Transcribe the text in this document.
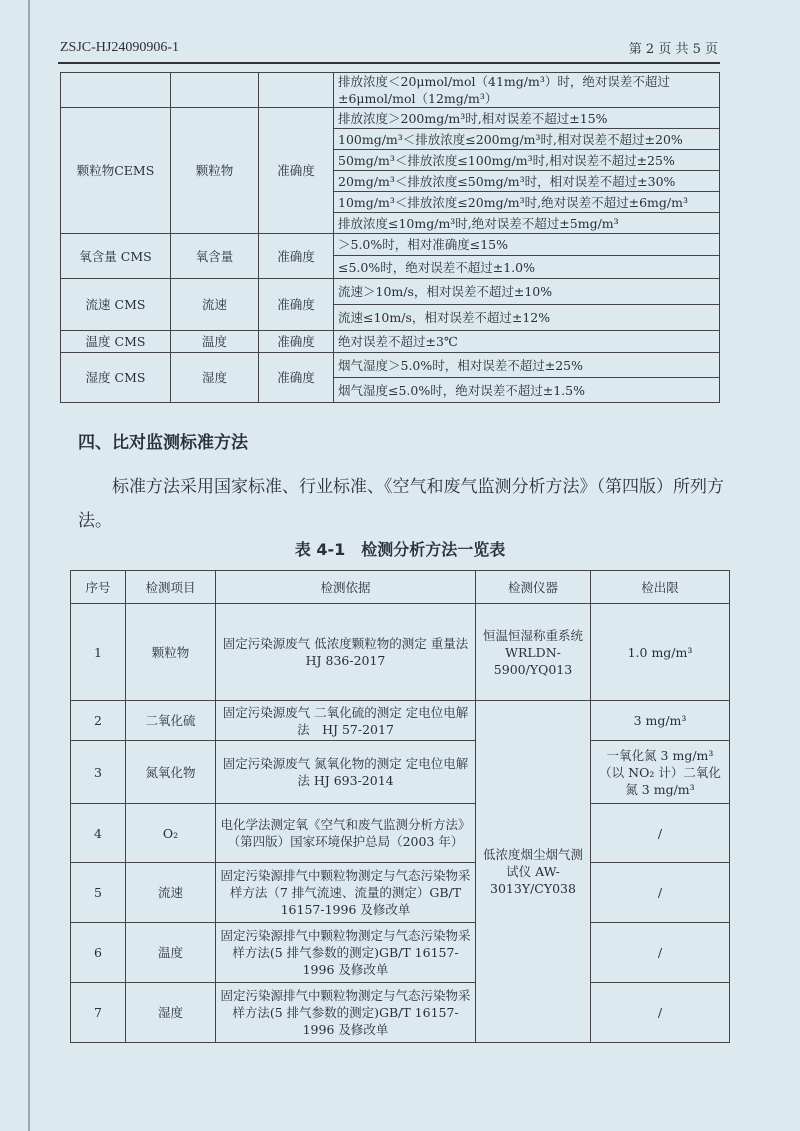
ZSJC-HJ24090906-1	第 2 页 共 5 页
			排放浓度＜20μmol/mol（41mg/m³）时，绝对误差不超过±6μmol/mol（12mg/m³）
颗粒物CEMS	颗粒物	准确度	排放浓度＞200mg/m³时,相对误差不超过±15%
			100mg/m³＜排放浓度≤200mg/m³时,相对误差不超过±20%
			50mg/m³＜排放浓度≤100mg/m³时,相对误差不超过±25%
			20mg/m³＜排放浓度≤50mg/m³时，相对误差不超过±30%
			10mg/m³＜排放浓度≤20mg/m³时,绝对误差不超过±6mg/m³
			排放浓度≤10mg/m³时,绝对误差不超过±5mg/m³
氧含量 CMS	氧含量	准确度	＞5.0%时，相对准确度≤15%
			≤5.0%时，绝对误差不超过±1.0%
流速 CMS	流速	准确度	流速＞10m/s，相对误差不超过±10%
			流速≤10m/s，相对误差不超过±12%
温度 CMS	温度	准确度	绝对误差不超过±3℃
湿度 CMS	湿度	准确度	烟气湿度＞5.0%时，相对误差不超过±25%
			烟气湿度≤5.0%时，绝对误差不超过±1.5%
四、比对监测标准方法
标准方法采用国家标准、行业标准、《空气和废气监测分析方法》（第四版）所列方法。
表 4-1　检测分析方法一览表
序号	检测项目	检测依据	检测仪器	检出限
1	颗粒物	固定污染源废气 低浓度颗粒物的测定 重量法 HJ 836-2017	恒温恒湿称重系统 WRLDN-5900/YQ013	1.0 mg/m³
2	二氧化硫	固定污染源废气 二氧化硫的测定 定电位电解法　HJ 57-2017	低浓度烟尘烟气测试仪 AW-3013Y/CY038	3 mg/m³
3	氮氧化物	固定污染源废气 氮氧化物的测定 定电位电解法 HJ 693-2014		一氧化氮 3 mg/m³（以 NO₂ 计）二氧化氮 3 mg/m³
4	O₂	电化学法测定氧《空气和废气监测分析方法》（第四版）国家环境保护总局（2003 年）		/
5	流速	固定污染源排气中颗粒物测定与气态污染物采样方法（7 排气流速、流量的测定）GB/T 16157-1996 及修改单		/
6	温度	固定污染源排气中颗粒物测定与气态污染物采样方法(5 排气参数的测定)GB/T 16157-1996 及修改单		/
7	湿度	固定污染源排气中颗粒物测定与气态污染物采样方法(5 排气参数的测定)GB/T 16157-1996 及修改单		/
